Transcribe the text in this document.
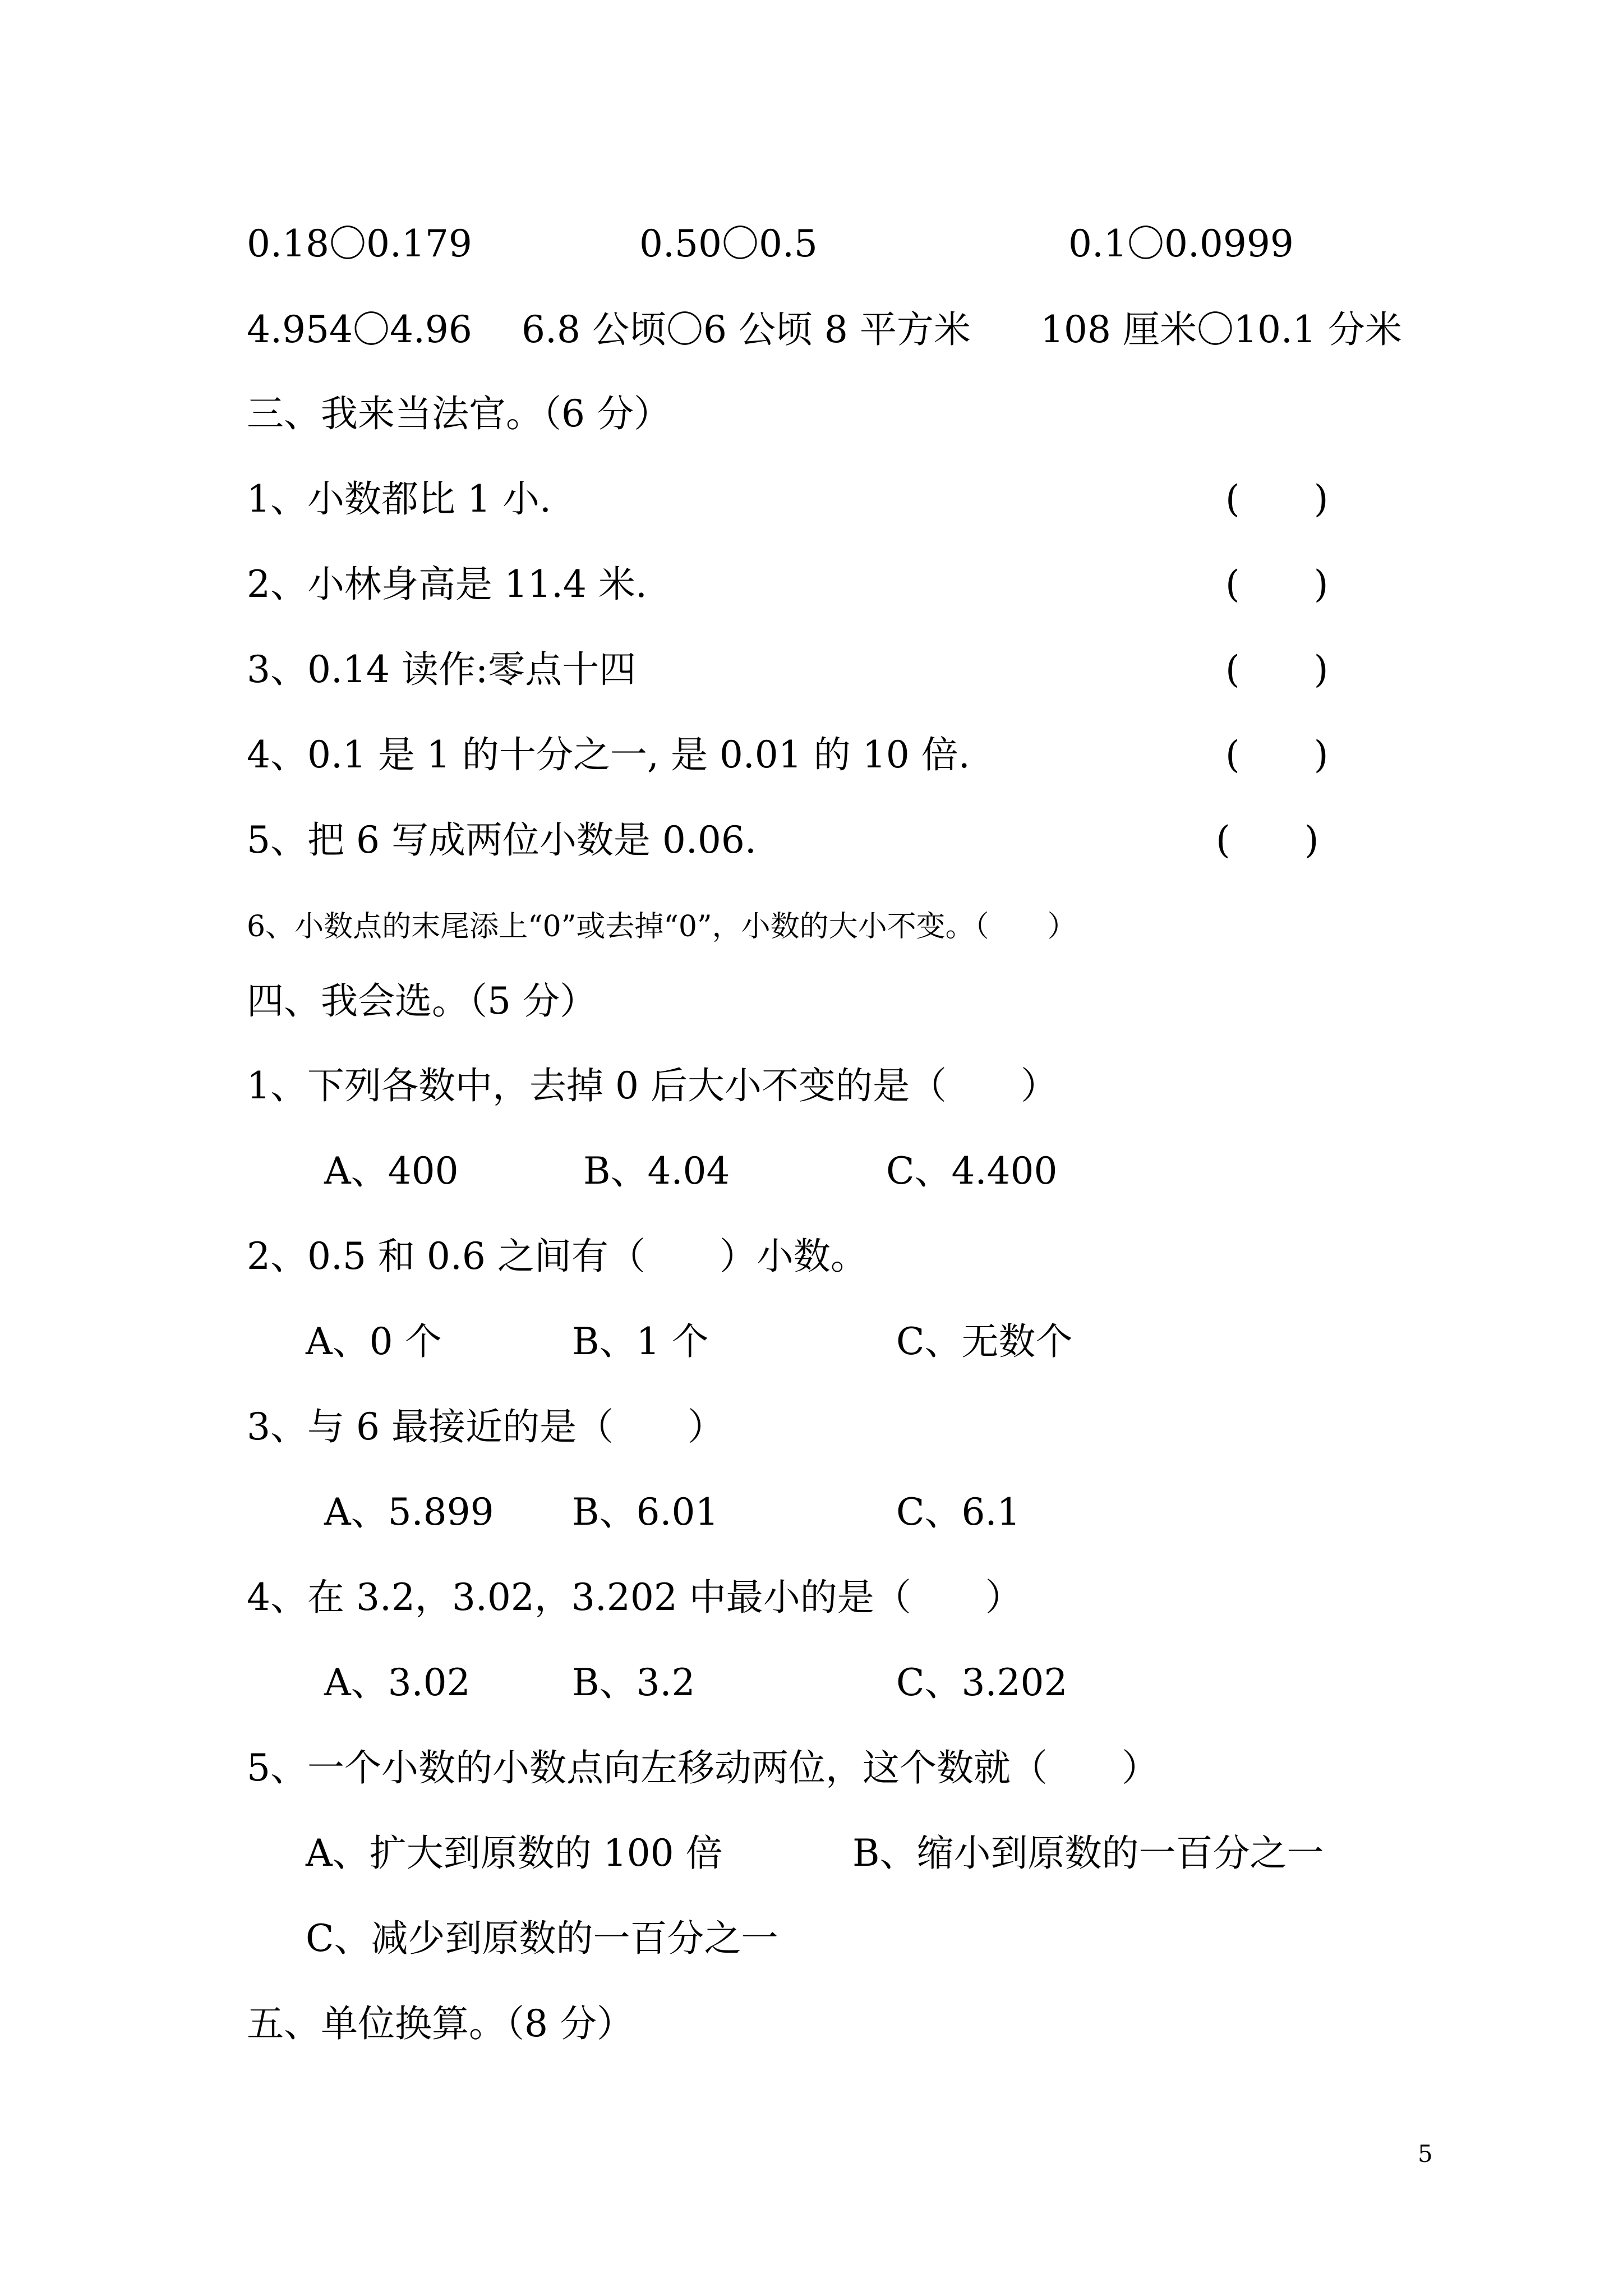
0.18〇0.179	0.50〇0.5	0.1〇0.0999
4.954〇4.96 6.8 公顷〇6 公顷 8 平方米 108 厘米〇10.1 分米
三、我来当法官。（6 分）
1、小数都比 1 小.	(　　)
2、小林身高是 11.4 米.	(　　)
3、0.14 读作:零点十四	(　　)
4、0.1 是 1 的十分之一, 是 0.01 的 10 倍.	(　　)
5、把 6 写成两位小数是 0.06.	(　　)
6、小数点的末尾添上“0”或去掉“0”，小数的大小不变。（　　）
四、我会选。（5 分）
1、下列各数中，去掉 0 后大小不变的是（　　）
A、400	B、4.04	C、4.400
2、0.5 和 0.6 之间有（　　）小数。
A、0 个	B、1 个	C、无数个
3、与 6 最接近的是（　　）
A、5.899 B、6.01	C、6.1
4、在 3.2，3.02，3.202 中最小的是（　　）
A、3.02	B、3.2	C、3.202
5、一个小数的小数点向左移动两位，这个数就（　　）
A、扩大到原数的 100 倍	B、缩小到原数的一百分之一
C、减少到原数的一百分之一
五、单位换算。（8 分）
5
